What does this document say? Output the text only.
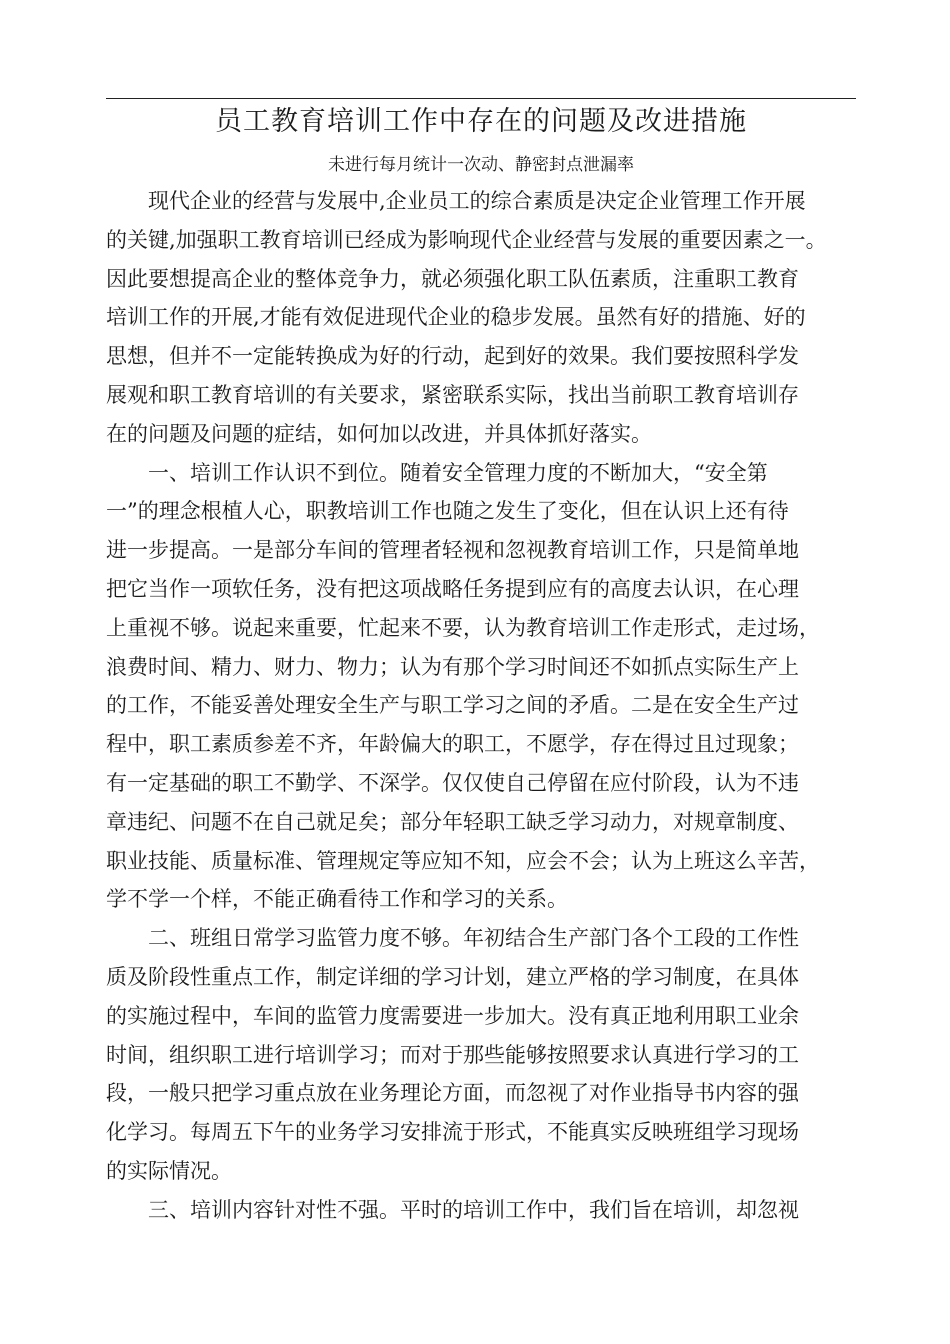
员工教育培训工作中存在的问题及改进措施
未进行每月统计一次动、静密封点泄漏率
　　现代企业的经营与发展中,企业员工的综合素质是决定企业管理工作开展
的关键,加强职工教育培训已经成为影响现代企业经营与发展的重要因素之一。
因此要想提高企业的整体竞争力，就必须强化职工队伍素质，注重职工教育
培训工作的开展,才能有效促进现代企业的稳步发展。虽然有好的措施、好的
思想，但并不一定能转换成为好的行动，起到好的效果。我们要按照科学发
展观和职工教育培训的有关要求，紧密联系实际，找出当前职工教育培训存
在的问题及问题的症结，如何加以改进，并具体抓好落实。
　　一、培训工作认识不到位。随着安全管理力度的不断加大，“安全第
一”的理念根植人心，职教培训工作也随之发生了变化，但在认识上还有待
进一步提高。一是部分车间的管理者轻视和忽视教育培训工作，只是简单地
把它当作一项软任务，没有把这项战略任务提到应有的高度去认识，在心理
上重视不够。说起来重要，忙起来不要，认为教育培训工作走形式，走过场，
浪费时间、精力、财力、物力；认为有那个学习时间还不如抓点实际生产上
的工作，不能妥善处理安全生产与职工学习之间的矛盾。二是在安全生产过
程中，职工素质参差不齐，年龄偏大的职工，不愿学，存在得过且过现象；
有一定基础的职工不勤学、不深学。仅仅使自己停留在应付阶段，认为不违
章违纪、问题不在自己就足矣；部分年轻职工缺乏学习动力，对规章制度、
职业技能、质量标准、管理规定等应知不知，应会不会；认为上班这么辛苦，
学不学一个样，不能正确看待工作和学习的关系。
　　二、班组日常学习监管力度不够。年初结合生产部门各个工段的工作性
质及阶段性重点工作，制定详细的学习计划，建立严格的学习制度，在具体
的实施过程中，车间的监管力度需要进一步加大。没有真正地利用职工业余
时间，组织职工进行培训学习；而对于那些能够按照要求认真进行学习的工
段，一般只把学习重点放在业务理论方面，而忽视了对作业指导书内容的强
化学习。每周五下午的业务学习安排流于形式，不能真实反映班组学习现场
的实际情况。
　　三、培训内容针对性不强。平时的培训工作中，我们旨在培训，却忽视
